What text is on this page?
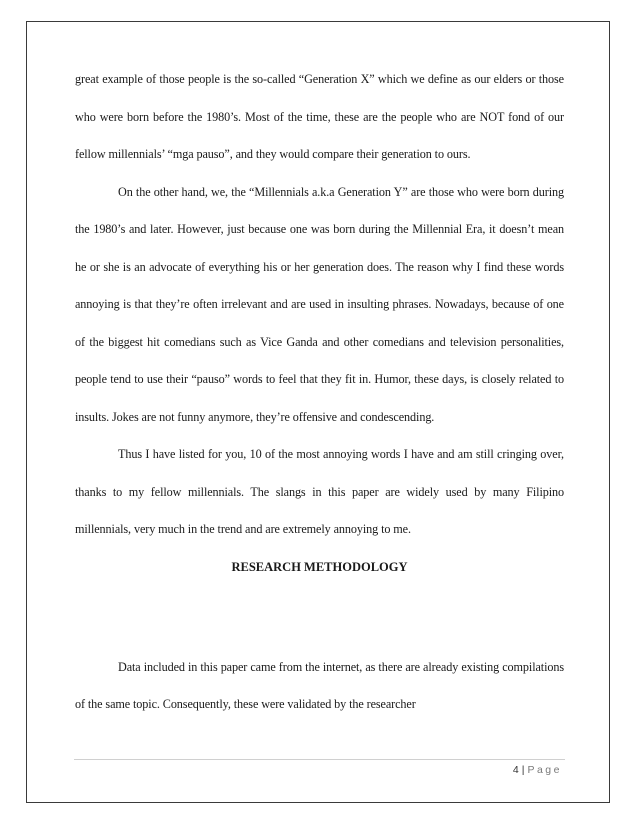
great example of those people is the so-called “Generation X” which we define as our elders or those who were born before the 1980’s. Most of the time, these are the people who are NOT fond of our fellow millennials’ “mga pauso”, and they would compare their generation to ours.

On the other hand, we, the “Millennials a.k.a Generation Y” are those who were born during the 1980’s and later. However, just because one was born during the Millennial Era, it doesn’t mean he or she is an advocate of everything his or her generation does. The reason why I find these words annoying is that they’re often irrelevant and are used in insulting phrases. Nowadays, because of one of the biggest hit comedians such as Vice Ganda and other comedians and television personalities, people tend to use their “pauso” words to feel that they fit in. Humor, these days, is closely related to insults. Jokes are not funny anymore, they’re offensive and condescending.

Thus I have listed for you, 10 of the most annoying words I have and am still cringing over, thanks to my fellow millennials. The slangs in this paper are widely used by many Filipino millennials, very much in the trend and are extremely annoying to me.

RESEARCH METHODOLOGY

Data included in this paper came from the internet, as there are already existing compilations of the same topic. Consequently, these were validated by the researcher

4 | Page
